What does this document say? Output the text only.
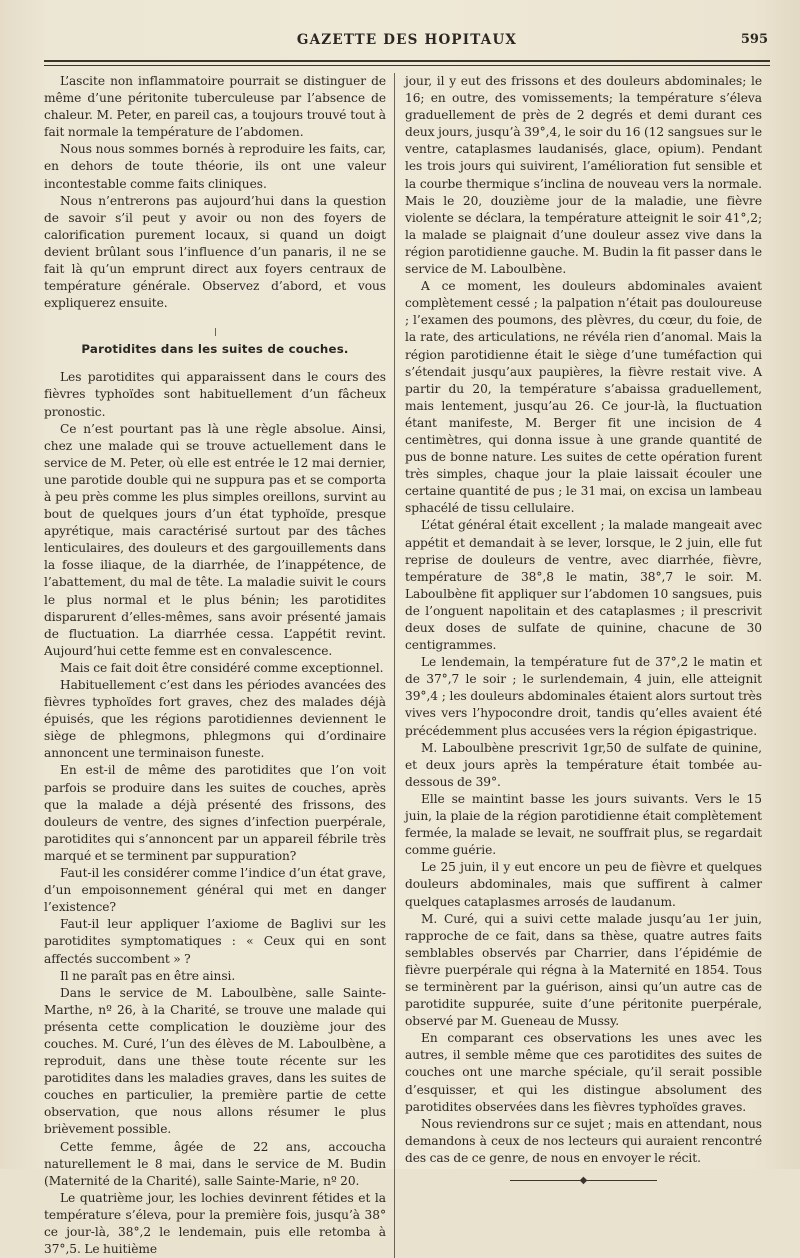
GAZETTE DES HOPITAUX	595

L’ascite non inflammatoire pourrait se distinguer de même d’une péritonite tuberculeuse par l’absence de chaleur. M. Peter, en pareil cas, a toujours trouvé tout à fait normale la température de l’abdomen.

Nous nous sommes bornés à reproduire les faits, car, en dehors de toute théorie, ils ont une valeur incontestable comme faits cliniques.

Nous n’entrerons pas aujourd’hui dans la question de savoir s’il peut y avoir ou non des foyers de calorification purement locaux, si quand un doigt devient brûlant sous l’influence d’un panaris, il ne se fait là qu’un emprunt direct aux foyers centraux de température générale. Observez d’abord, et vous expliquerez ensuite.

Parotidites dans les suites de couches.

Les parotidites qui apparaissent dans le cours des fièvres typhoïdes sont habituellement d’un fâcheux pronostic.

Ce n’est pourtant pas là une règle absolue. Ainsi, chez une malade qui se trouve actuellement dans le service de M. Peter, où elle est entrée le 12 mai dernier, une parotide double qui ne suppura pas et se comporta à peu près comme les plus simples oreillons, survint au bout de quelques jours d’un état typhoïde, presque apyrétique, mais caractérisé surtout par des tâches lenticulaires, des douleurs et des gargouillements dans la fosse iliaque, de la diarrhée, de l’inappétence, de l’abattement, du mal de tête. La maladie suivit le cours le plus normal et le plus bénin; les parotidites disparurent d’elles-mêmes, sans avoir présenté jamais de fluctuation. La diarrhée cessa. L’appétit revint. Aujourd’hui cette femme est en convalescence.

Mais ce fait doit être considéré comme exceptionnel.

Habituellement c’est dans les périodes avancées des fièvres typhoïdes fort graves, chez des malades déjà épuisés, que les régions parotidiennes deviennent le siège de phlegmons, phlegmons qui d’ordinaire annoncent une terminaison funeste.

En est-il de même des parotidites que l’on voit parfois se produire dans les suites de couches, après que la malade a déjà présenté des frissons, des douleurs de ventre, des signes d’infection puerpérale, parotidites qui s’annoncent par un appareil fébrile très marqué et se terminent par suppuration?

Faut-il les considérer comme l’indice d’un état grave, d’un empoisonnement général qui met en danger l’existence?

Faut-il leur appliquer l’axiome de Baglivi sur les parotidites symptomatiques : « Ceux qui en sont affectés succombent » ?

Il ne paraît pas en être ainsi.

Dans le service de M. Laboulbène, salle Sainte-Marthe, nº 26, à la Charité, se trouve une malade qui présenta cette complication le douzième jour des couches. M. Curé, l’un des élèves de M. Laboulbène, a reproduit, dans une thèse toute récente sur les parotidites dans les maladies graves, dans les suites de couches en particulier, la première partie de cette observation, que nous allons résumer le plus brièvement possible.

Cette femme, âgée de 22 ans, accoucha naturellement le 8 mai, dans le service de M. Budin (Maternité de la Charité), salle Sainte-Marie, nº 20.

Le quatrième jour, les lochies devinrent fétides et la température s’éleva, pour la première fois, jusqu’à 38° ce jour-là, 38°,2 le lendemain, puis elle retomba à 37°,5. Le huitième

jour, il y eut des frissons et des douleurs abdominales; le 16; en outre, des vomissements; la température s’éleva graduellement de près de 2 degrés et demi durant ces deux jours, jusqu’à 39°,4, le soir du 16 (12 sangsues sur le ventre, cataplasmes laudanisés, glace, opium). Pendant les trois jours qui suivirent, l’amélioration fut sensible et la courbe thermique s’inclina de nouveau vers la normale. Mais le 20, douzième jour de la maladie, une fièvre violente se déclara, la température atteignit le soir 41°,2; la malade se plaignait d’une douleur assez vive dans la région parotidienne gauche. M. Budin la fit passer dans le service de M. Laboulbène.

A ce moment, les douleurs abdominales avaient complètement cessé ; la palpation n’était pas douloureuse ; l’examen des poumons, des plèvres, du cœur, du foie, de la rate, des articulations, ne révéla rien d’anomal. Mais la région parotidienne était le siège d’une tuméfaction qui s’étendait jusqu’aux paupières, la fièvre restait vive. A partir du 20, la température s’abaissa graduellement, mais lentement, jusqu’au 26. Ce jour-là, la fluctuation étant manifeste, M. Berger fit une incision de 4 centimètres, qui donna issue à une grande quantité de pus de bonne nature. Les suites de cette opération furent très simples, chaque jour la plaie laissait écouler une certaine quantité de pus ; le 31 mai, on excisa un lambeau sphacélé de tissu cellulaire.

L’état général était excellent ; la malade mangeait avec appétit et demandait à se lever, lorsque, le 2 juin, elle fut reprise de douleurs de ventre, avec diarrhée, fièvre, température de 38°,8 le matin, 38°,7 le soir. M. Laboulbène fit appliquer sur l’abdomen 10 sangsues, puis de l’onguent napolitain et des cataplasmes ; il prescrivit deux doses de sulfate de quinine, chacune de 30 centigrammes.

Le lendemain, la température fut de 37°,2 le matin et de 37°,7 le soir ; le surlendemain, 4 juin, elle atteignit 39°,4 ; les douleurs abdominales étaient alors surtout très vives vers l’hypocondre droit, tandis qu’elles avaient été précédemment plus accusées vers la région épigastrique.

M. Laboulbène prescrivit 1gr,50 de sulfate de quinine, et deux jours après la température était tombée au-dessous de 39°.

Elle se maintint basse les jours suivants. Vers le 15 juin, la plaie de la région parotidienne était complètement fermée, la malade se levait, ne souffrait plus, se regardait comme guérie.

Le 25 juin, il y eut encore un peu de fièvre et quelques douleurs abdominales, mais que suffirent à calmer quelques cataplasmes arrosés de laudanum.

M. Curé, qui a suivi cette malade jusqu’au 1er juin, rapproche de ce fait, dans sa thèse, quatre autres faits semblables observés par Charrier, dans l’épidémie de fièvre puerpérale qui régna à la Maternité en 1854. Tous se terminèrent par la guérison, ainsi qu’un autre cas de parotidite suppurée, suite d’une péritonite puerpérale, observé par M. Gueneau de Mussy.

En comparant ces observations les unes avec les autres, il semble même que ces parotidites des suites de couches ont une marche spéciale, qu’il serait possible d’esquisser, et qui les distingue absolument des parotidites observées dans les fièvres typhoïdes graves.

Nous reviendrons sur ce sujet ; mais en attendant, nous demandons à ceux de nos lecteurs qui auraient rencontré des cas de ce genre, de nous en envoyer le récit.

◆
